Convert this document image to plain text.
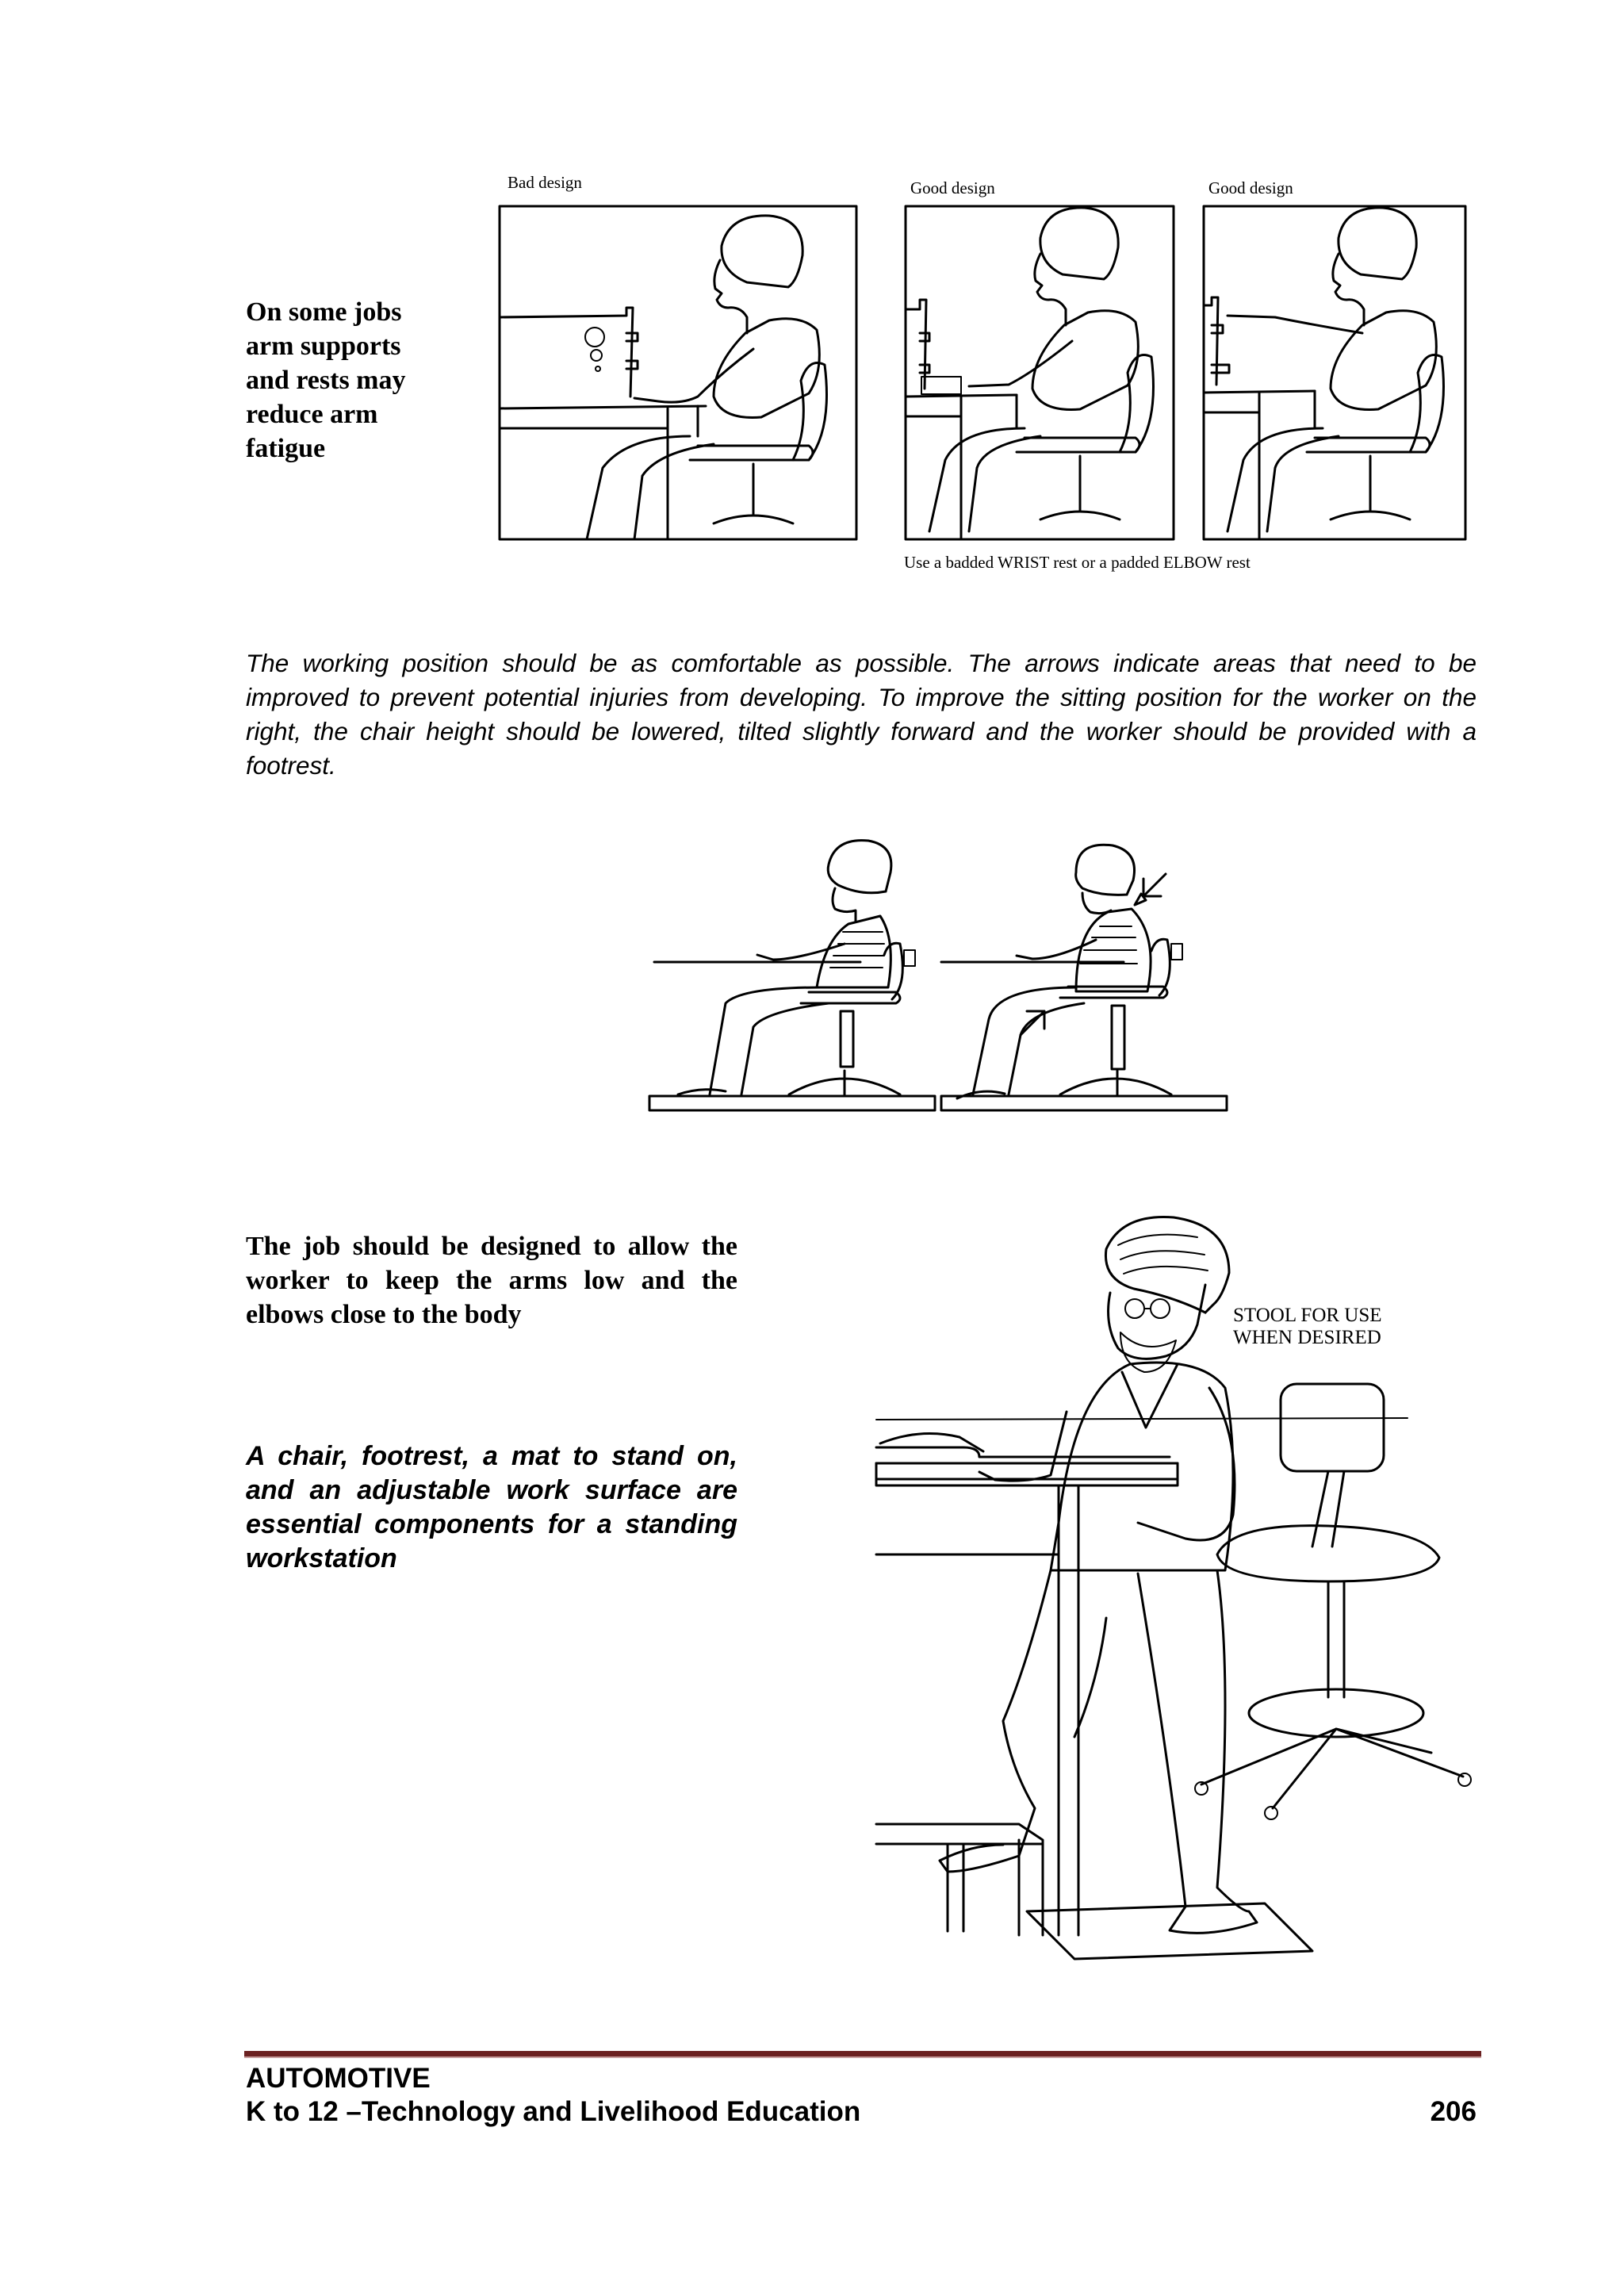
On some jobs arm supports and rests may reduce arm fatigue
Bad design	Good design	Good design
Use a badded WRIST rest or a padded ELBOW rest
The working position should be as comfortable as possible. The arrows indicate areas that need to be improved to prevent potential injuries from developing. To improve the sitting position for the worker on the right, the chair height should be lowered, tilted slightly forward and the worker should be provided with a footrest.
The job should be designed to allow the worker to keep the arms low and the elbows close to the body
A chair, footrest, a mat to stand on, and an adjustable work surface are essential components for a standing workstation
STOOL FOR USE
WHEN DESIRED
AUTOMOTIVE
K to 12 –Technology and Livelihood Education	206
